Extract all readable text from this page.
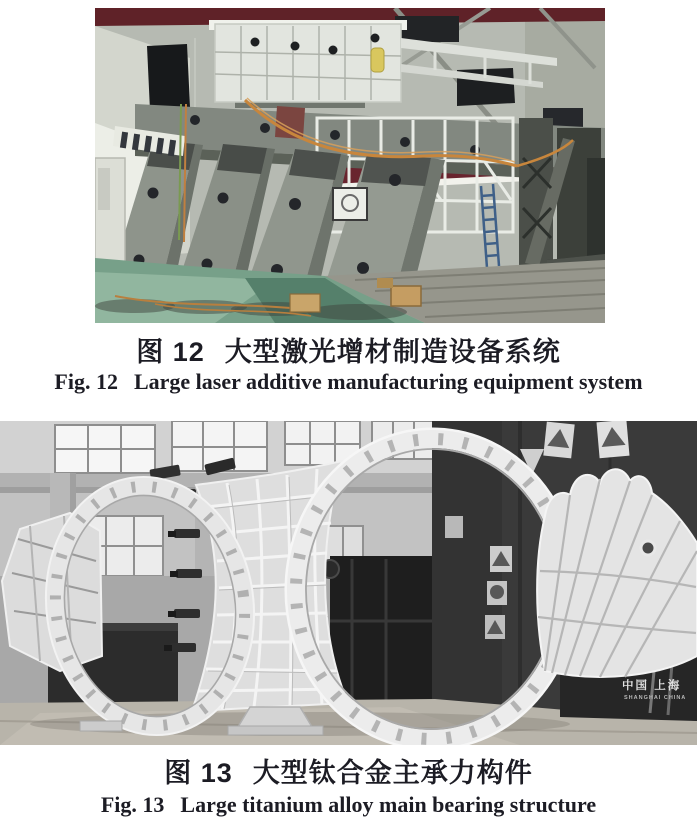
图 12 大型激光增材制造设备系统
Fig. 12 Large laser additive manufacturing equipment system
中国 上海
SHANGHAI CHINA
图 13 大型钛合金主承力构件
Fig. 13 Large titanium alloy main bearing structure
